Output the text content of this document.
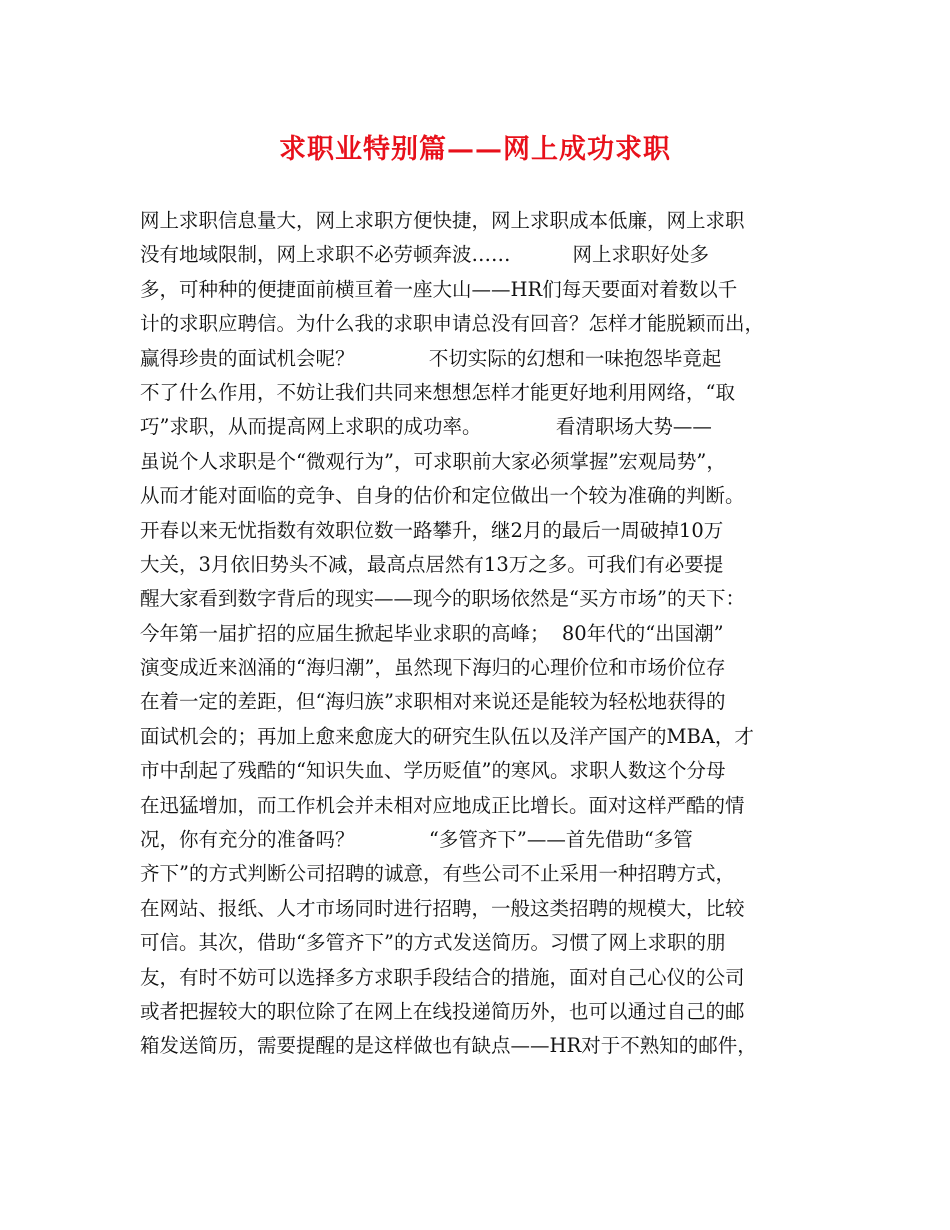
求职业特别篇——网上成功求职
网上求职信息量大，网上求职方便快捷，网上求职成本低廉，网上求职
没有地域限制，网上求职不必劳顿奔波……          网上求职好处多
多，可种种的便捷面前横亘着一座大山——HR们每天要面对着数以千
计的求职应聘信。为什么我的求职申请总没有回音？怎样才能脱颖而出，
赢得珍贵的面试机会呢？            不切实际的幻想和一味抱怨毕竟起
不了什么作用，不妨让我们共同来想想怎样才能更好地利用网络，“取
巧”求职，从而提高网上求职的成功率。            看清职场大势——
虽说个人求职是个“微观行为”，可求职前大家必须掌握”宏观局势”，
从而才能对面临的竞争、自身的估价和定位做出一个较为准确的判断。
开春以来无忧指数有效职位数一路攀升，继2月的最后一周破掉10万
大关，3月依旧势头不减，最高点居然有13万之多。可我们有必要提
醒大家看到数字背后的现实——现今的职场依然是“买方市场”的天下：
今年第一届扩招的应届生掀起毕业求职的高峰；  80年代的“出国潮”
演变成近来汹涌的“海归潮”，虽然现下海归的心理价位和市场价位存
在着一定的差距，但“海归族”求职相对来说还是能较为轻松地获得的
面试机会的；再加上愈来愈庞大的研究生队伍以及洋产国产的MBA，才
市中刮起了残酷的“知识失血、学历贬值”的寒风。求职人数这个分母
在迅猛增加，而工作机会并未相对应地成正比增长。面对这样严酷的情
况，你有充分的准备吗？            “多管齐下”——首先借助“多管
齐下”的方式判断公司招聘的诚意，有些公司不止采用一种招聘方式，
在网站、报纸、人才市场同时进行招聘，一般这类招聘的规模大，比较
可信。其次，借助“多管齐下”的方式发送简历。习惯了网上求职的朋
友，有时不妨可以选择多方求职手段结合的措施，面对自己心仪的公司
或者把握较大的职位除了在网上在线投递简历外，也可以通过自己的邮
箱发送简历，需要提醒的是这样做也有缺点——HR对于不熟知的邮件，
